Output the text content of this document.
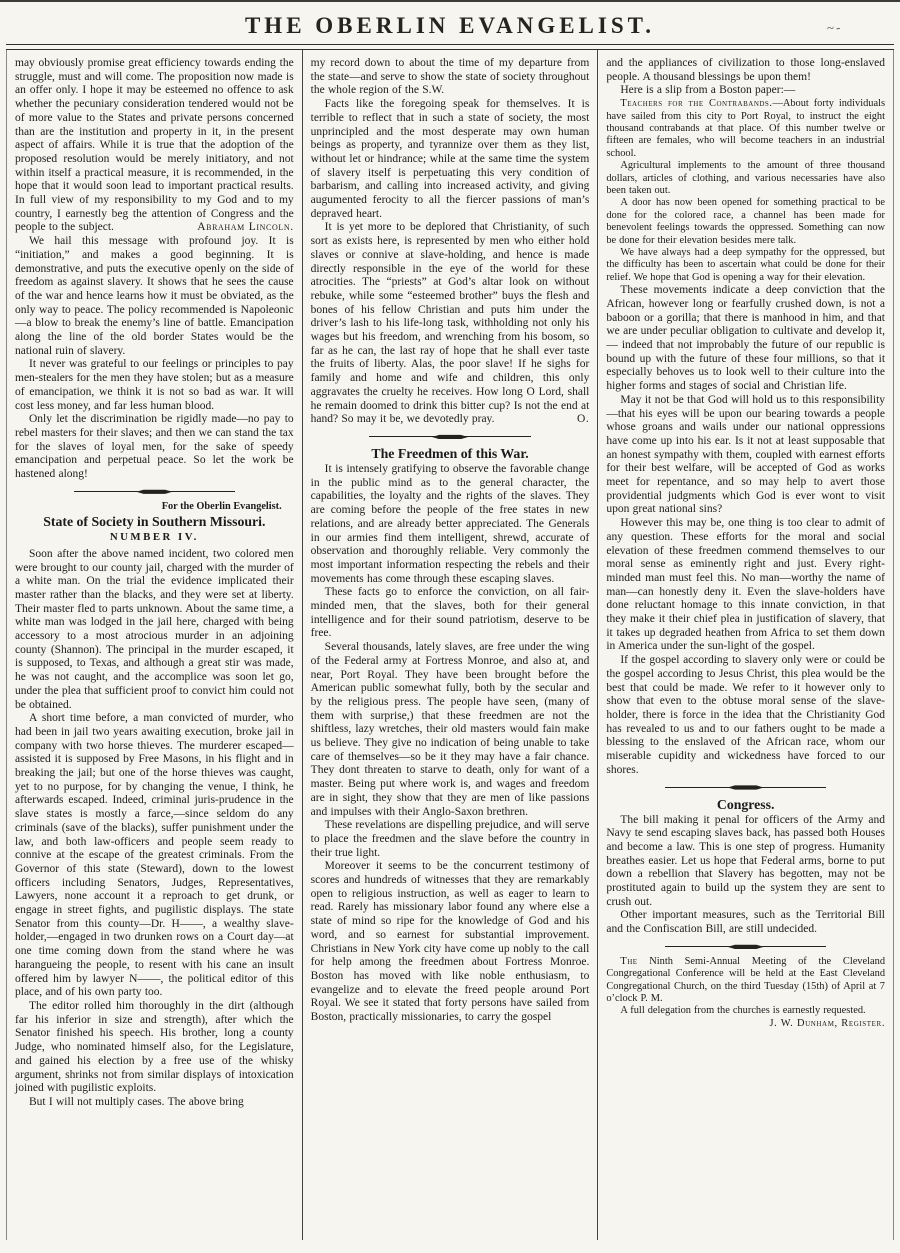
THE OBERLIN EVANGELIST.	~-

may obviously promise great efficiency towards ending the struggle, must and will come. The proposition now made is an offer only. I hope it may be esteemed no offence to ask whether the pecuniary consideration tendered would not be of more value to the States and private persons concerned than are the institution and property in it, in the present aspect of affairs. While it is true that the adoption of the proposed resolution would be merely initiatory, and not within itself a practical measure, it is recommended, in the hope that it would soon lead to important practical results. In full view of my responsibility to my God and to my country, I earnestly beg the attention of Congress and the people to the subject.	Abraham Lincoln.

We hail this message with profound joy. It is “initiation,” and makes a good beginning. It is demonstrative, and puts the executive openly on the side of freedom as against slavery. It shows that he sees the cause of the war and hence learns how it must be obviated, as the only way to peace. The policy recommended is Napoleonic—a blow to break the enemy’s line of battle. Emancipation along the line of the old border States would be the national ruin of slavery.

It never was grateful to our feelings or principles to pay men-stealers for the men they have stolen; but as a measure of emancipation, we think it is not so bad as war. It will cost less money, and far less human blood.

Only let the discrimination be rigidly made—no pay to rebel masters for their slaves; and then we can stand the tax for the slaves of loyal men, for the sake of speedy emancipation and perpetual peace. So let the work be hastened along!

For the Oberlin Evangelist.

State of Society in Southern Missouri.
NUMBER IV.

Soon after the above named incident, two colored men were brought to our county jail, charged with the murder of a white man. On the trial the evidence implicated their master rather than the blacks, and they were set at liberty. Their master fled to parts unknown. About the same time, a white man was lodged in the jail here, charged with being accessory to a most atrocious murder in an adjoining county (Shannon). The principal in the murder escaped, it is supposed, to Texas, and although a great stir was made, he was not caught, and the accomplice was soon let go, under the plea that sufficient proof to convict him could not be obtained.

A short time before, a man convicted of murder, who had been in jail two years awaiting execution, broke jail in company with two horse thieves. The murderer escaped—assisted it is supposed by Free Masons, in his flight and in breaking the jail; but one of the horse thieves was caught, yet to no purpose, for by changing the venue, I think, he afterwards escaped. Indeed, criminal juris-prudence in the slave states is mostly a farce,—since seldom do any criminals (save of the blacks), suffer punishment under the law, and both law-officers and people seem ready to connive at the escape of the greatest criminals. From the Governor of this state (Steward), down to the lowest officers including Senators, Judges, Representatives, Lawyers, none account it a reproach to get drunk, or engage in street fights, and pugilistic displays. The state Senator from this county—Dr. H——, a wealthy slave-holder,—engaged in two drunken rows on a Court day—at one time coming down from the stand where he was harangueing the people, to resent with his cane an insult offered him by lawyer N——, the political editor of this place, and of his own party too.

The editor rolled him thoroughly in the dirt (although far his inferior in size and strength), after which the Senator finished his speech. His brother, long a county Judge, who nominated himself also, for the Legislature, and gained his election by a free use of the whisky argument, shrinks not from similar displays of intoxication joined with pugilistic exploits.

But I will not multiply cases. The above bring

my record down to about the time of my departure from the state—and serve to show the state of society throughout the whole region of the S.W.

Facts like the foregoing speak for themselves. It is terrible to reflect that in such a state of society, the most unprincipled and the most desperate may own human beings as property, and tyrannize over them as they list, without let or hindrance; while at the same time the system of slavery itself is perpetuating this very condition of barbarism, and calling into increased activity, and giving augumented ferocity to all the fiercer passions of man’s depraved heart.

It is yet more to be deplored that Christianity, of such sort as exists here, is represented by men who either hold slaves or connive at slave-holding, and hence is made directly responsible in the eye of the world for these atrocities. The “priests” at God’s altar look on without rebuke, while some “esteemed brother” buys the flesh and bones of his fellow Christian and puts him under the driver’s lash to his life-long task, withholding not only his wages but his freedom, and wrenching from his bosom, so far as he can, the last ray of hope that he shall ever taste the fruits of liberty. Alas, the poor slave! If he sighs for family and home and wife and children, this only aggravates the cruelty he receives. How long O Lord, shall he remain doomed to drink this bitter cup? Is not the end at hand? So may it be, we devotedly pray.	O.

The Freedmen of this War.

It is intensely gratifying to observe the favorable change in the public mind as to the general character, the capabilities, the loyalty and the rights of the slaves. They are coming before the people of the free states in new relations, and are already better appreciated. The Generals in our armies find them intelligent, shrewd, accurate of observation and thoroughly reliable. Very commonly the most important information respecting the rebels and their movements has come through these escaping slaves.

These facts go to enforce the conviction, on all fair-minded men, that the slaves, both for their general intelligence and for their sound patriotism, deserve to be free.

Several thousands, lately slaves, are free under the wing of the Federal army at Fortress Monroe, and also at, and near, Port Royal. They have been brought before the American public somewhat fully, both by the secular and by the religious press. The people have seen, (many of them with surprise,) that these freedmen are not the shiftless, lazy wretches, their old masters would fain make us believe. They give no indication of being unable to take care of themselves—so be it they may have a fair chance. They dont threaten to starve to death, only for want of a master. Being put where work is, and wages and freedom are in sight, they show that they are men of like passions and impulses with their Anglo-Saxon brethren.

These revelations are dispelling prejudice, and will serve to place the freedmen and the slave before the country in their true light.

Moreover it seems to be the concurrent testimony of scores and hundreds of witnesses that they are remarkably open to religious instruction, as well as eager to learn to read. Rarely has missionary labor found any where else a state of mind so ripe for the knowledge of God and his word, and so earnest for substantial improvement. Christians in New York city have come up nobly to the call for help among the freedmen about Fortress Monroe. Boston has moved with like noble enthusiasm, to evangelize and to elevate the freed people around Port Royal. We see it stated that forty persons have sailed from Boston, practically missionaries, to carry the gospel

and the appliances of civilization to those long-enslaved people. A thousand blessings be upon them!

Here is a slip from a Boston paper:—

Teachers for the Contrabands.—About forty individuals have sailed from this city to Port Royal, to instruct the eight thousand contrabands at that place. Of this number twelve or fifteen are females, who will become teachers in an industrial school.

Agricultural implements to the amount of three thousand dollars, articles of clothing, and various necessaries have also been taken out.

A door has now been opened for something practical to be done for the colored race, a channel has been made for benevolent feelings towards the oppressed. Something can now be done for their elevation besides mere talk.

We have always had a deep sympathy for the oppressed, but the difficulty has been to ascertain what could be done for their relief. We hope that God is opening a way for their elevation.

These movements indicate a deep conviction that the African, however long or fearfully crushed down, is not a baboon or a gorilla; that there is manhood in him, and that we are under peculiar obligation to cultivate and develop it, — indeed that not improbably the future of our republic is bound up with the future of these four millions, so that it especially behoves us to look well to their culture into the higher forms and stages of social and Christian life.

May it not be that God will hold us to this responsibility—that his eyes will be upon our bearing towards a people whose groans and wails under our national oppressions have come up into his ear. Is it not at least supposable that an honest sympathy with them, coupled with earnest efforts for their best welfare, will be accepted of God as works meet for repentance, and so may help to avert those providential judgments which God is ever wont to visit upon great national sins?

However this may be, one thing is too clear to admit of any question. These efforts for the moral and social elevation of these freedmen commend themselves to our moral sense as eminently right and just. Every right-minded man must feel this. No man—worthy the name of man—can honestly deny it. Even the slave-holders have done reluctant homage to this innate conviction, in that they make it their chief plea in justification of slavery, that it takes up degraded heathen from Africa to set them down in America under the sun-light of the gospel.

If the gospel according to slavery only were or could be the gospel according to Jesus Christ, this plea would be the best that could be made. We refer to it however only to show that even to the obtuse moral sense of the slave-holder, there is force in the idea that the Christianity God has revealed to us and to our fathers ought to be made a blessing to the enslaved of the African race, whom our miserable cupidity and wickedness have forced to our shores.

Congress.

The bill making it penal for officers of the Army and Navy te send escaping slaves back, has passed both Houses and become a law. This is one step of progress. Humanity breathes easier. Let us hope that Federal arms, borne to put down a rebellion that Slavery has begotten, may not be prostituted again to build up the system they are sent to crush out.

Other important measures, such as the Territorial Bill and the Confiscation Bill, are still undecided.

The Ninth Semi-Annual Meeting of the Cleveland Congregational Conference will be held at the East Cleveland Congregational Church, on the third Tuesday (15th) of April at 7 o’clock P. M.

A full delegation from the churches is earnestly requested.
J. W. Dunham, Register.
